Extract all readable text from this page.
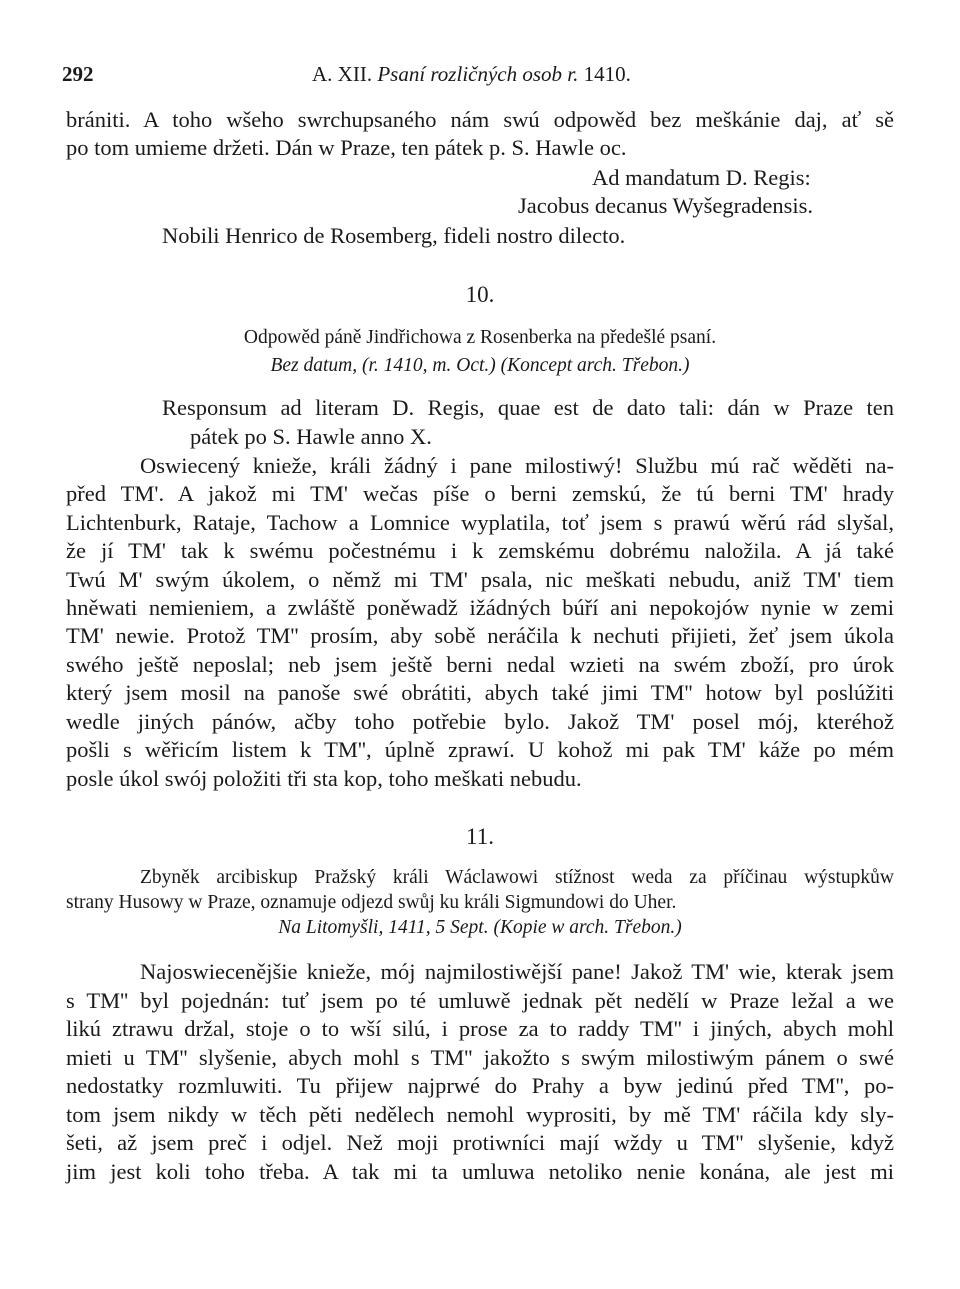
292	A. XII. Psaní rozličných osob r. 1410.
brániti. A toho wšeho swrchupsaného nám swú odpowěd bez meškánie daj, ať sě
po tom umieme držeti. Dán w Praze, ten pátek p. S. Hawle oc.
Ad mandatum D. Regis:
Jacobus decanus Wyšegradensis.
Nobili Henrico de Rosemberg, fideli nostro dilecto.
10.
Odpowěd páně Jindřichowa z Rosenberka na předešlé psaní.
Bez datum, (r. 1410, m. Oct.) (Koncept arch. Třebon.)
Responsum ad literam D. Regis, quae est de dato tali: dán w Praze ten
pátek po S. Hawle anno X.
Oswiecený knieže, králi žádný i pane milostiwý! Službu mú rač wěděti na-
před TM'. A jakož mi TM' wečas píše o berni zemskú, že tú berni TM' hrady
Lichtenburk, Rataje, Tachow a Lomnice wyplatila, toť jsem s prawú wěrú rád slyšal,
že jí TM' tak k swému počestnému i k zemskému dobrému naložila. A já také
Twú M' swým úkolem, o němž mi TM' psala, nic meškati nebudu, aniž TM' tiem
hněwati nemieniem, a zwláště poněwadž ižádných búří ani nepokojów nynie w zemi
TM' newie. Protož TM'' prosím, aby sobě neráčila k nechuti přijieti, žeť jsem úkola
swého ještě neposlal; neb jsem ještě berni nedal wzieti na swém zboží, pro úrok
který jsem mosil na panoše swé obrátiti, abych také jimi TM'' hotow byl poslúžiti
wedle jiných pánów, ačby toho potřebie bylo. Jakož TM' posel mój, kteréhož
pošli s wěřicím listem k TM'', úplně zprawí. U kohož mi pak TM' káže po mém
posle úkol swój položiti tři sta kop, toho meškati nebudu.
11.
Zbyněk arcibiskup Pražský králi Wáclawowi stížnost weda za příčinau wýstupkůw
strany Husowy w Praze, oznamuje odjezd swůj ku králi Sigmundowi do Uher.
Na Litomyšli, 1411, 5 Sept. (Kopie w arch. Třebon.)
Najoswiecenějšie knieže, mój najmilostiwější pane! Jakož TM' wie, kterak jsem
s TM'' byl pojednán: tuť jsem po té umluwě jednak pět nedělí w Praze ležal a we
likú ztrawu držal, stoje o to wší silú, i prose za to raddy TM'' i jiných, abych mohl
mieti u TM'' slyšenie, abych mohl s TM'' jakožto s swým milostiwým pánem o swé
nedostatky rozmluwiti. Tu přijew najprwé do Prahy a byw jedinú před TM'', po-
tom jsem nikdy w těch pěti nedělech nemohl wyprositi, by mě TM' ráčila kdy sly-
šeti, až jsem preč i odjel. Než moji protiwníci mají wždy u TM'' slyšenie, když
jim jest koli toho třeba. A tak mi ta umluwa netoliko nenie konána, ale jest mi
